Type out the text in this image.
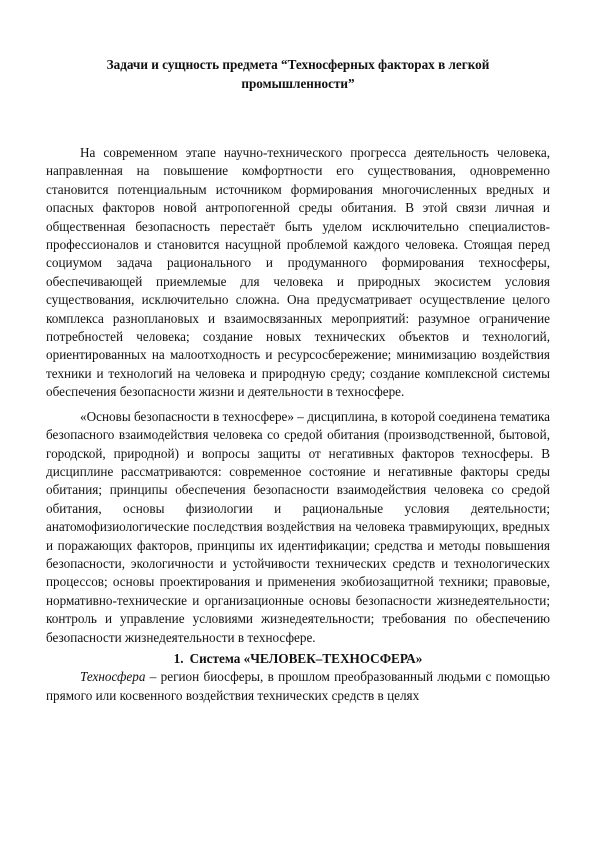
Задачи и сущность предмета “Техносферных факторах в легкой промышленности”

На современном этапе научно-технического прогресса деятельность человека, направленная на повышение комфортности его существования, одновременно становится потенциальным источником формирования многочисленных вредных и опасных факторов новой антропогенной среды обитания. В этой связи личная и общественная безопасность перестаёт быть уделом исключительно специалистов-профессионалов и становится насущной проблемой каждого человека. Стоящая перед социумом задача рационального и продуманного формирования техносферы, обеспечивающей приемлемые для человека и природных экосистем условия существования, исключительно сложна. Она предусматривает осуществление целого комплекса разноплановых и взаимосвязанных мероприятий: разумное ограничение потребностей человека; создание новых технических объектов и технологий, ориентированных на малоотходность и ресурсосбережение; минимизацию воздействия техники и технологий на человека и природную среду; создание комплексной системы обеспечения безопасности жизни и деятельности в техносфере.

«Основы безопасности в техносфере» – дисциплина, в которой соединена тематика безопасного взаимодействия человека со средой обитания (производственной, бытовой, городской, природной) и вопросы защиты от негативных факторов техносферы. В дисциплине рассматриваются: современное состояние и негативные факторы среды обитания; принципы обеспечения безопасности взаимодействия человека со средой обитания, основы физиологии и рациональные условия деятельности; анатомофизиологические последствия воздействия на человека травмирующих, вредных и поражающих факторов, принципы их идентификации; средства и методы повышения безопасности, экологичности и устойчивости технических средств и технологических процессов; основы проектирования и применения экобиозащитной техники; правовые, нормативно-технические и организационные основы безопасности жизнедеятельности; контроль и управление условиями жизнедеятельности; требования по обеспечению безопасности жизнедеятельности в техносфере.

1. Система «ЧЕЛОВЕК–ТЕХНОСФЕРА»

Техносфера – регион биосферы, в прошлом преобразованный людьми с помощью прямого или косвенного воздействия технических средств в целях
